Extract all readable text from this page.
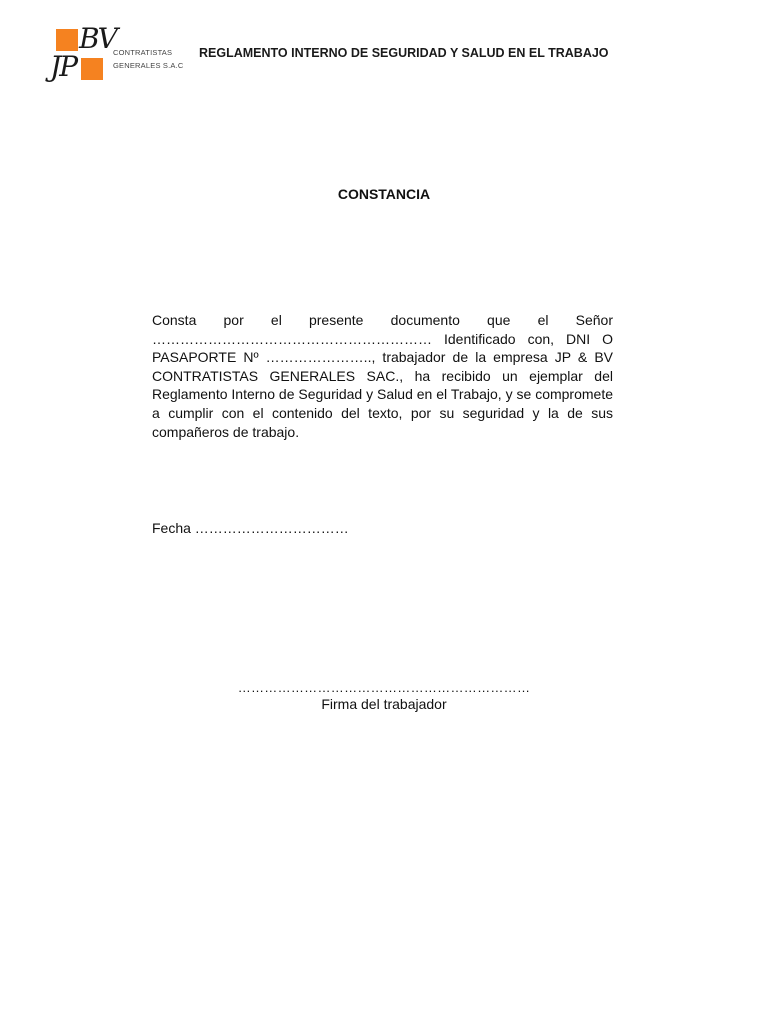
BV
JP	CONTRATISTAS
GENERALES S.A.C
REGLAMENTO INTERNO DE SEGURIDAD Y SALUD EN EL TRABAJO
CONSTANCIA
Consta por el presente documento que el Señor
…………………………………………………… Identificado con, DNI O
PASAPORTE Nº ………………….., trabajador de la empresa JP & BV
CONTRATISTAS GENERALES SAC., ha recibido un ejemplar del
Reglamento Interno de Seguridad y Salud en el Trabajo, y se compromete
a cumplir con el contenido del texto, por su seguridad y la de sus
compañeros de trabajo.
Fecha ……………………………
…………………………………………………………
Firma del trabajador
